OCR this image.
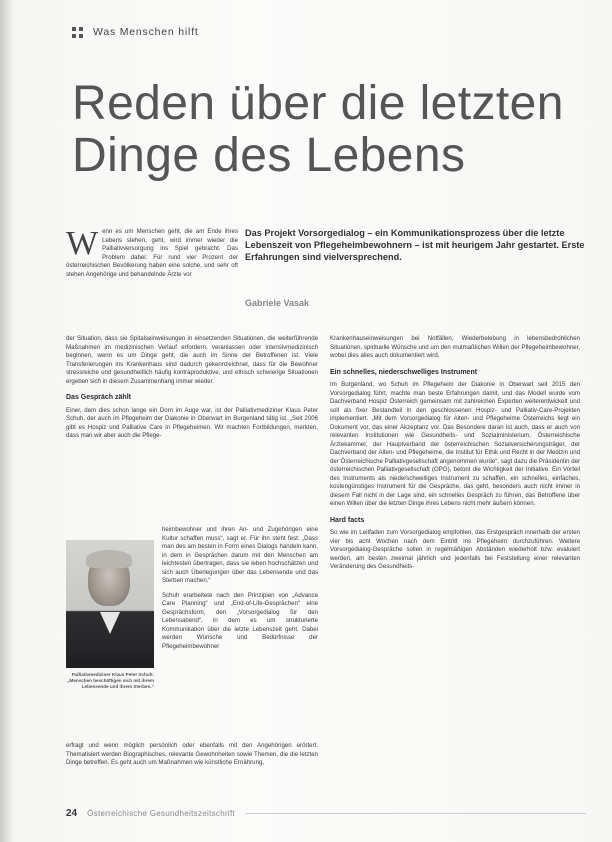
Was Menschen hilft
Reden über die letzten
Dinge des Lebens
Das Projekt Vorsorgedialog – ein Kommunikationsprozess über die letzte Lebenszeit von Pflegeheimbewohnern – ist mit heurigem Jahr gestartet. Erste Erfahrungen sind vielversprechend.
Gabriele Vasak
W enn es um Menschen geht, die am Ende ihres Lebens stehen, geht, wird immer wieder die Palliativversorgung ins Spiel gebracht. Das Problem dabei: Für rund vier Prozent der österreichischen Bevölkerung haben eine solche, und sehr oft stehen Angehörige und behandelnde Ärzte vor

der Situation, dass sie Spitalseinweisungen in einsetzenden Situationen, die weiterführende Maßnahmen im medizinischen Verlauf erfordern, veranlassen oder intensivmedizinisch beginnen, wenn es um Dinge geht, die auch im Sinne der Betroffenen ist. Viele Transferierungen ins Krankenhaus sind dadurch gekennzeichnet, dass für die Bewohner stressreiche und gesundheitlich häufig kontraproduktive, und ethisch schwierige Situationen ergeben sich in diesem Zusammenhang immer wieder.

Das Gespräch zählt

Einer, dem dies schon lange ein Dorn im Auge war, ist der Palliativmediziner Klaus Peter Schuh, der auch im Pflegeheim der Diakonie in Oberwart im Burgenland tätig ist. „Seit 2006 gibt es Hospiz und Palliative Care in Pflegeheimen. Wir machten Fortbildungen, merkten, dass man wir aber auch die Pflege-

Palliativmediziner Klaus Peter Schuh: „Menschen beschäftigen sich mit ihrem Lebensende und ihrem Sterben.“

heimbewohner und ihren An- und Zugehörigen eine Kultur schaffen muss“, sagt er. Für ihn steht fest: „Dass man des am besten in Form eines Dialogs handeln kann, in dem in Gesprächen darum mit den Menschen am leichtesten übertragen, dass sie leben hochschätzen und sich auch Überlegungen über das Lebensende und das Sterben machen.“

Schuh erarbeitete nach den Prinzipien von „Advance Care Planning“ und „End-of-Life-Gesprächen“ eine Gesprächsform, den „Vorsorgedialog für den Lebensabend“, in dem es um strukturierte Kommunikation über die letzte Lebenszeit geht. Dabei werden Wünsche und Bedürfnisse der Pflegeheimbewohner

erfragt und wenn möglich persönlich oder ebenfalls mit den Angehörigen erörtert. Thematisiert werden Biographisches, relevante Gewohnheiten sowie Themen, die die letzten Dinge betreffen. Es geht auch um Maßnahmen wie künstliche Ernährung,

Krankenhauseinweisungen bei Notfällen, Wiederbelebung in lebensbedrohlichen Situationen, spirituelle Wünsche und um den mutmaßlichen Willen der Pflegeheimbewohner, wobei dies alles auch dokumentiert wird.

Ein schnelles, niederschwelliges Instrument

Im Burgenland, wo Schuh im Pflegeheim der Diakonie in Oberwart seit 2015 den Vorsorgedialog führt, machte man beste Erfahrungen damit, und das Modell wurde vom Dachverband Hospiz Österreich gemeinsam mit zahlreichen Experten weiterentwickelt und soll als fixer Bestandteil in den geschlossenen Hospiz- und Palliativ-Care-Projekten implementiert. „Mit dem Vorsorgedialog für Alten- und Pflegeheime Österreichs liegt ein Dokument vor, das einer Akzeptanz vor. Das Besondere daran ist auch, dass er auch von relevanten Institutionen wie Gesundheits- und Sozialministerium, Österreichische Ärztekammer, der Hauptverband der österreichischen Sozialversicherungsträger, der Dachverband der Alten- und Pflegeheime, die Institut für Ethik und Recht in der Medizin und der Österreichische Palliativgesellschaft angenommen wurde“, sagt dazu die Präsidentin der österreichischen Palliativgesellschaft (OPG), betont die Wichtigkeit der Initiative. Ein Vorteil des Instruments als niederschwelliges Instrument zu schaffen, ein schnelles, einfaches, kostengünstiges Instrument für die Gespräche, das geht, besonders auch nicht immer in diesem Fall nicht in der Lage sind, ein schnelles Gespräch zu führen, das Betroffene über einen Willen über die letzten Dinge ihres Lebens nicht mehr äußern können.

Hard facts

So wie im Leitfaden zum Vorsorgedialog empfohlen, das Erstgespräch innerhalb der ersten vier bis acht Wochen nach dem Eintritt ins Pflegeheim durchzuführen. Weitere Vorsorgedialog-Gespräche sollen in regelmäßigen Abständen wiederholt bzw. evaluiert werden, am besten zweimal jährlich und jedenfalls bei Feststellung einer relevanten Veränderung des Gesundheits-

24 Österreichische Gesundheitszeitschrift
